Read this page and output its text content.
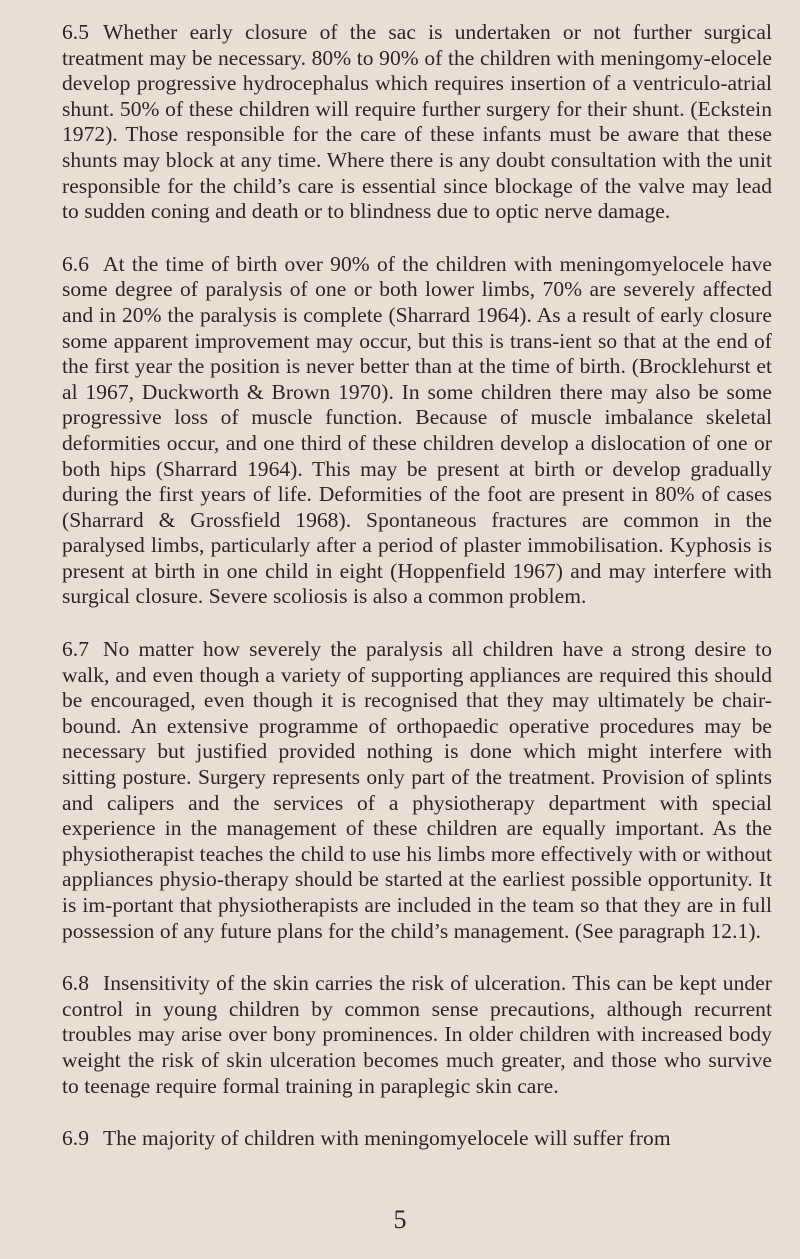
6.5 Whether early closure of the sac is undertaken or not further surgical treatment may be necessary. 80% to 90% of the children with meningomy-elocele develop progressive hydrocephalus which requires insertion of a ventriculo-atrial shunt. 50% of these children will require further surgery for their shunt. (Eckstein 1972). Those responsible for the care of these infants must be aware that these shunts may block at any time. Where there is any doubt consultation with the unit responsible for the child’s care is essential since blockage of the valve may lead to sudden coning and death or to blindness due to optic nerve damage.

6.6 At the time of birth over 90% of the children with meningomyelocele have some degree of paralysis of one or both lower limbs, 70% are severely affected and in 20% the paralysis is complete (Sharrard 1964). As a result of early closure some apparent improvement may occur, but this is trans-ient so that at the end of the first year the position is never better than at the time of birth. (Brocklehurst et al 1967, Duckworth & Brown 1970). In some children there may also be some progressive loss of muscle function. Because of muscle imbalance skeletal deformities occur, and one third of these children develop a dislocation of one or both hips (Sharrard 1964). This may be present at birth or develop gradually during the first years of life. Deformities of the foot are present in 80% of cases (Sharrard & Grossfield 1968). Spontaneous fractures are common in the paralysed limbs, particularly after a period of plaster immobilisation. Kyphosis is present at birth in one child in eight (Hoppenfield 1967) and may interfere with surgical closure. Severe scoliosis is also a common problem.

6.7 No matter how severely the paralysis all children have a strong desire to walk, and even though a variety of supporting appliances are required this should be encouraged, even though it is recognised that they may ultimately be chair-bound. An extensive programme of orthopaedic operative procedures may be necessary but justified provided nothing is done which might interfere with sitting posture. Surgery represents only part of the treatment. Provision of splints and calipers and the services of a physiotherapy department with special experience in the management of these children are equally important. As the physiotherapist teaches the child to use his limbs more effectively with or without appliances physio-therapy should be started at the earliest possible opportunity. It is im-portant that physiotherapists are included in the team so that they are in full possession of any future plans for the child’s management. (See paragraph 12.1).

6.8 Insensitivity of the skin carries the risk of ulceration. This can be kept under control in young children by common sense precautions, although recurrent troubles may arise over bony prominences. In older children with increased body weight the risk of skin ulceration becomes much greater, and those who survive to teenage require formal training in paraplegic skin care.

6.9 The majority of children with meningomyelocele will suffer from

5
